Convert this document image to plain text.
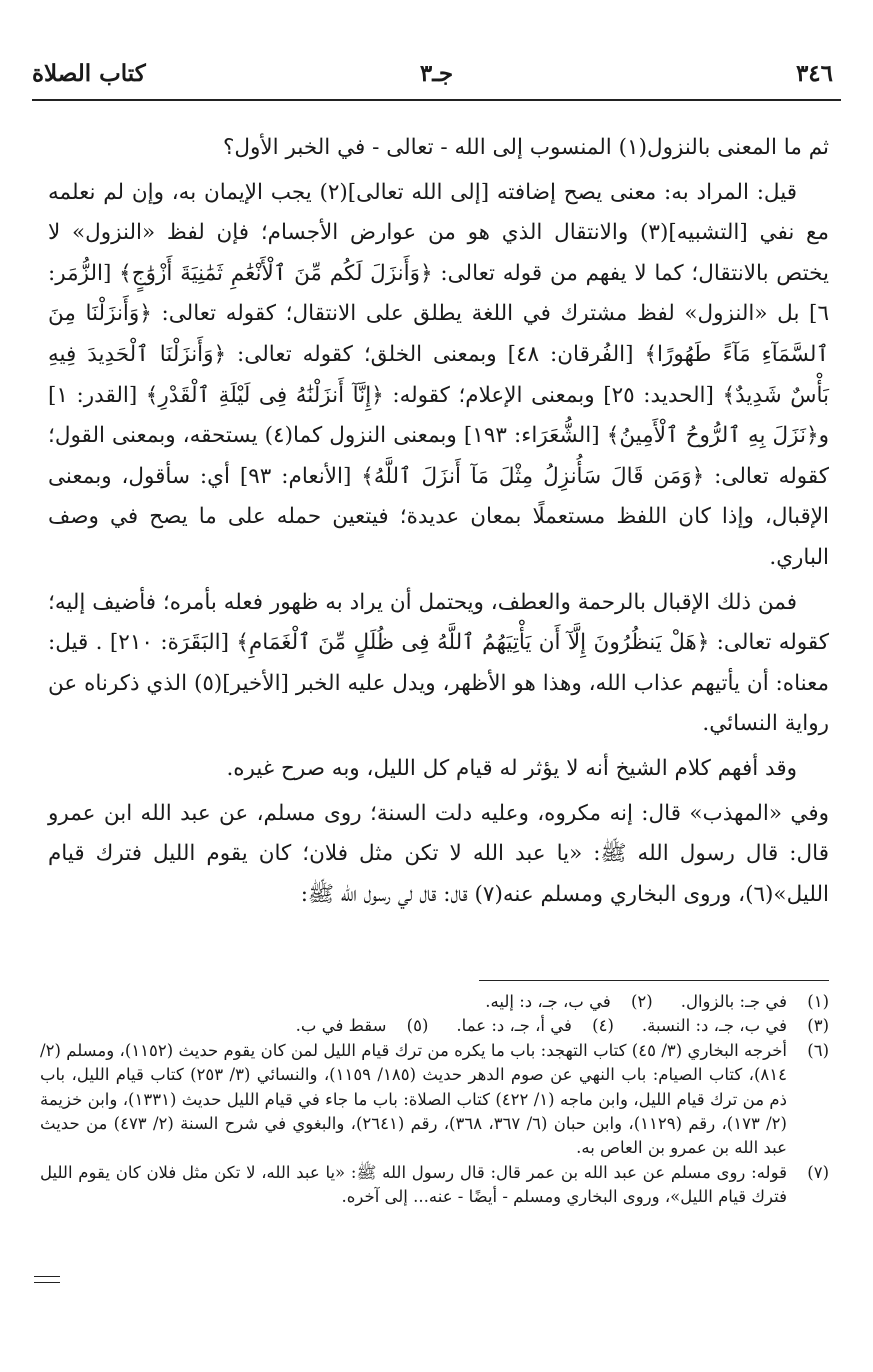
٣٤٦
جـ٣
كتاب الصلاة

ثم ما المعنى بالنزول(١) المنسوب إلى الله - تعالى - في الخبر الأول؟

قيل: المراد به: معنى يصح إضافته [إلى الله تعالى](٢) يجب الإيمان به، وإن لم نعلمه مع نفي [التشبيه](٣) والانتقال الذي هو من عوارض الأجسام؛ فإن لفظ «النزول» لا يختص بالانتقال؛ كما لا يفهم من قوله تعالى: ﴿وَأَنزَلَ لَكُم مِّنَ ٱلْأَنْعَٰمِ ثَمَٰنِيَةَ أَزْوَٰجٍ﴾ [الزُّمَر: ٦] بل «النزول» لفظ مشترك في اللغة يطلق على الانتقال؛ كقوله تعالى: ﴿وَأَنزَلْنَا مِنَ ٱلسَّمَآءِ مَآءً طَهُورًا﴾ [الفُرقان: ٤٨] وبمعنى الخلق؛ كقوله تعالى: ﴿وَأَنزَلْنَا ٱلْحَدِيدَ فِيهِ بَأْسٌ شَدِيدٌ﴾ [الحديد: ٢٥] وبمعنى الإعلام؛ كقوله: ﴿إِنَّآ أَنزَلْنَٰهُ فِى لَيْلَةِ ٱلْقَدْرِ﴾ [القدر: ١] و﴿نَزَلَ بِهِ ٱلرُّوحُ ٱلْأَمِينُ﴾ [الشُّعَرَاء: ١٩٣] وبمعنى النزول كما(٤) يستحقه، وبمعنى القول؛ كقوله تعالى: ﴿وَمَن قَالَ سَأُنزِلُ مِثْلَ مَآ أَنزَلَ ٱللَّهُ﴾ [الأنعام: ٩٣] أي: سأقول، وبمعنى الإقبال، وإذا كان اللفظ مستعملًا بمعان عديدة؛ فيتعين حمله على ما يصح في وصف الباري.

فمن ذلك الإقبال بالرحمة والعطف، ويحتمل أن يراد به ظهور فعله بأمره؛ فأضيف إليه؛ كقوله تعالى: ﴿هَلْ يَنظُرُونَ إِلَّآ أَن يَأْتِيَهُمُ ٱللَّهُ فِى ظُلَلٍ مِّنَ ٱلْغَمَامِ﴾ [البَقَرَة: ٢١٠] . قيل: معناه: أن يأتيهم عذاب الله، وهذا هو الأظهر، ويدل عليه الخبر [الأخير](٥) الذي ذكرناه عن رواية النسائي.

وقد أفهم كلام الشيخ أنه لا يؤثر له قيام كل الليل، وبه صرح غيره.

وفي «المهذب» قال: إنه مكروه، وعليه دلت السنة؛ روى مسلم، عن عبد الله ابن عمرو قال: قال رسول الله ﷺ: «يا عبد الله لا تكن مثل فلان؛ كان يقوم الليل فترك قيام الليل»(٦)، وروى البخاري ومسلم عنه(٧) قال: قال لي رسول الله ﷺ:

(١)
في جـ: بالزوال.
(٢)
في ب، جـ، د: إليه.
(٣)
في ب، جـ، د: النسبة.
(٤)
في أ، جـ، د: عما.
(٥)
سقط في ب.
(٦)
أخرجه البخاري (٣/ ٤٥) كتاب التهجد: باب ما يكره من ترك قيام الليل لمن كان يقوم حديث (١١٥٢)، ومسلم (٢/ ٨١٤)، كتاب الصيام: باب النهي عن صوم الدهر حديث (١٨٥/ ١١٥٩)، والنسائي (٣/ ٢٥٣) كتاب قيام الليل، باب ذم من ترك قيام الليل، وابن ماجه (١/ ٤٢٢) كتاب الصلاة: باب ما جاء في قيام الليل حديث (١٣٣١)، وابن خزيمة (٢/ ١٧٣)، رقم (١١٢٩)، وابن حبان (٦/ ٣٦٧، ٣٦٨)، رقم (٢٦٤١)، والبغوي في شرح السنة (٢/ ٤٧٣) من حديث عبد الله بن عمرو بن العاص به.
(٧)
قوله: روى مسلم عن عبد الله بن عمر قال: قال رسول الله ﷺ: «يا عبد الله، لا تكن مثل فلان كان يقوم الليل فترك قيام الليل»، وروى البخاري ومسلم - أيضًا - عنه... إلى آخره.
